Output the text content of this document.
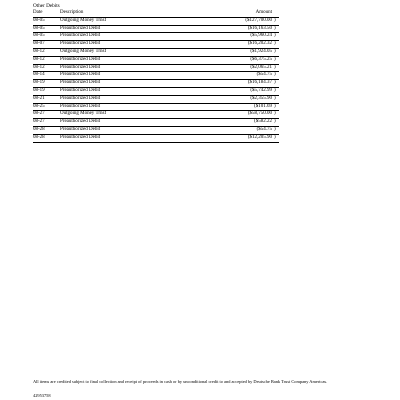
Other Debits
Date	Description	Amount	
08-05	Outgoing Money Trnsf	($127,700.00	)
08-05	Preauthorized Debit	($16,163.50	)
08-05	Preauthorized Debit	($5,960.24	)
08-07	Preauthorized Debit	($16,202.32	)
08-12	Outgoing Money Trnsf	($1,924.05	)
08-12	Preauthorized Debit	($6,375.25	)
08-12	Preauthorized Debit	($2,065.21	)
08-14	Preauthorized Debit	($54.75	)
08-19	Preauthorized Debit	($16,184.37	)
08-19	Preauthorized Debit	($5,742.99	)
08-21	Preauthorized Debit	($2,355.90	)
08-25	Preauthorized Debit	($101.69	)
08-27	Outgoing Money Trnsf	($58,750.00	)
08-27	Preauthorized Debit	($582.22	)
08-28	Preauthorized Debit	($54.75	)
08-28	Preauthorized Debit	($12,205.90	)
All items are credited subject to final collection and receipt of proceeds in cash or by unconditional credit to and accepted by Deutsche Bank Trust Company Americas.
42953758
